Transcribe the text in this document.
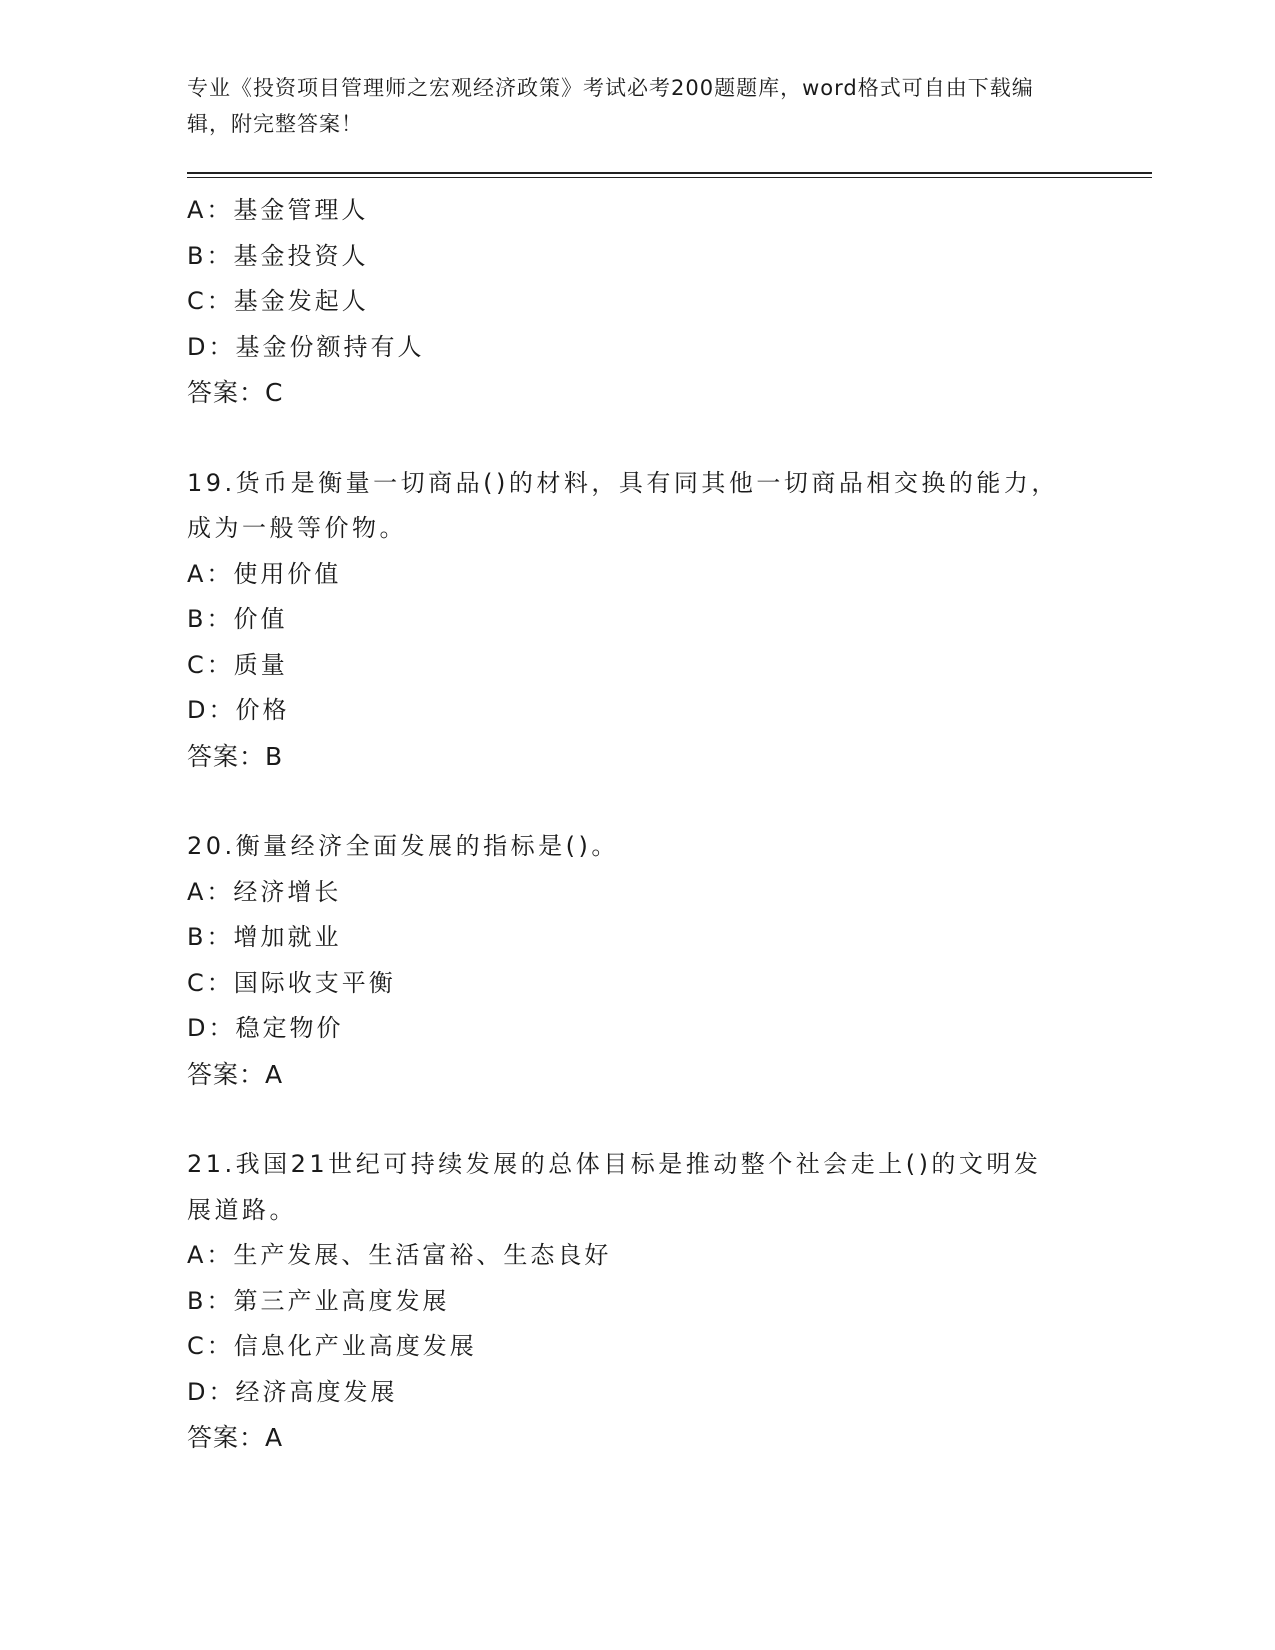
专业《投资项目管理师之宏观经济政策》考试必考200题题库，word格式可自由下载编辑，附完整答案！
A：基金管理人
B：基金投资人
C：基金发起人
D：基金份额持有人
答案：C
19.货币是衡量一切商品()的材料，具有同其他一切商品相交换的能力，成为一般等价物。
A：使用价值
B：价值
C：质量
D：价格
答案：B
20.衡量经济全面发展的指标是()。
A：经济增长
B：增加就业
C：国际收支平衡
D：稳定物价
答案：A
21.我国21世纪可持续发展的总体目标是推动整个社会走上()的文明发展道路。
A：生产发展、生活富裕、生态良好
B：第三产业高度发展
C：信息化产业高度发展
D：经济高度发展
答案：A
